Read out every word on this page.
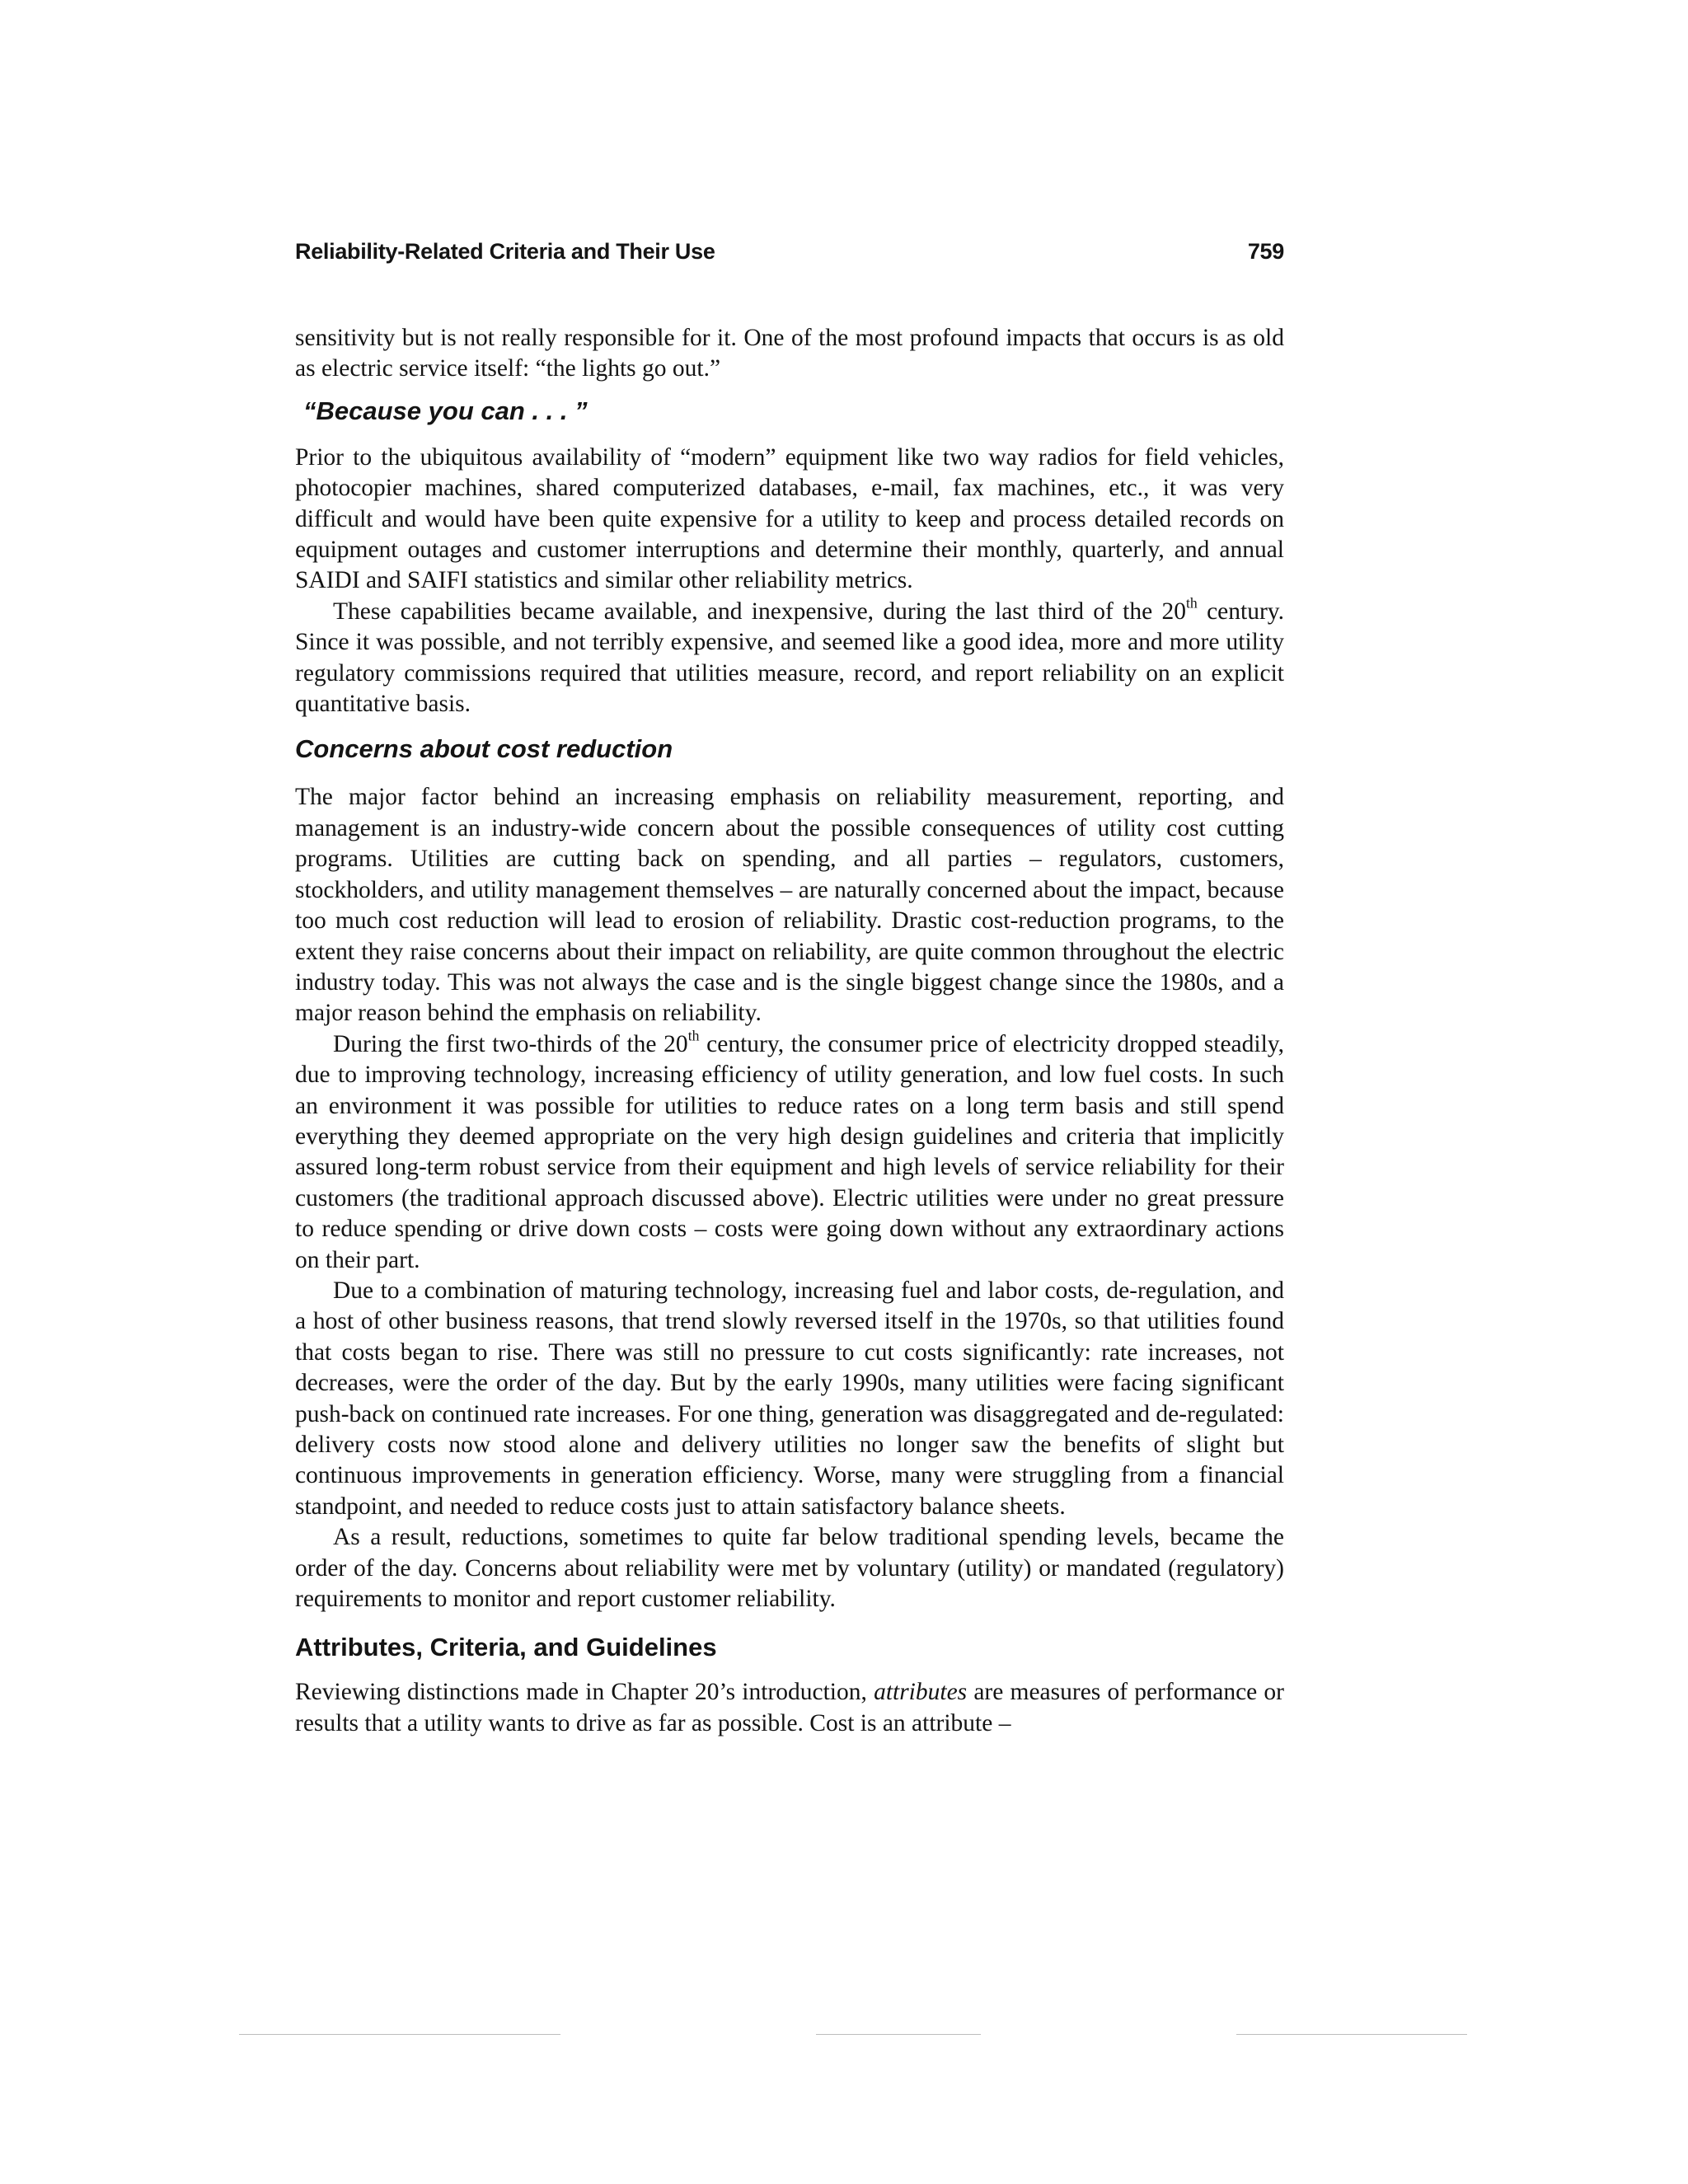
Reliability-Related Criteria and Their Use	759

sensitivity but is not really responsible for it. One of the most profound impacts that occurs is as old as electric service itself: “the lights go out.”

“Because you can . . . ”

Prior to the ubiquitous availability of “modern” equipment like two way radios for field vehicles, photocopier machines, shared computerized databases, e-mail, fax machines, etc., it was very difficult and would have been quite expensive for a utility to keep and process detailed records on equipment outages and customer interruptions and determine their monthly, quarterly, and annual SAIDI and SAIFI statistics and similar other reliability metrics.

These capabilities became available, and inexpensive, during the last third of the 20th century. Since it was possible, and not terribly expensive, and seemed like a good idea, more and more utility regulatory commissions required that utilities measure, record, and report reliability on an explicit quantitative basis.

Concerns about cost reduction

The major factor behind an increasing emphasis on reliability measurement, reporting, and management is an industry-wide concern about the possible consequences of utility cost cutting programs. Utilities are cutting back on spending, and all parties – regulators, customers, stockholders, and utility management themselves – are naturally concerned about the impact, because too much cost reduction will lead to erosion of reliability. Drastic cost-reduction programs, to the extent they raise concerns about their impact on reliability, are quite common throughout the electric industry today. This was not always the case and is the single biggest change since the 1980s, and a major reason behind the emphasis on reliability.

During the first two-thirds of the 20th century, the consumer price of electricity dropped steadily, due to improving technology, increasing efficiency of utility generation, and low fuel costs. In such an environment it was possible for utilities to reduce rates on a long term basis and still spend everything they deemed appropriate on the very high design guidelines and criteria that implicitly assured long-term robust service from their equipment and high levels of service reliability for their customers (the traditional approach discussed above). Electric utilities were under no great pressure to reduce spending or drive down costs – costs were going down without any extraordinary actions on their part.

Due to a combination of maturing technology, increasing fuel and labor costs, de-regulation, and a host of other business reasons, that trend slowly reversed itself in the 1970s, so that utilities found that costs began to rise. There was still no pressure to cut costs significantly: rate increases, not decreases, were the order of the day. But by the early 1990s, many utilities were facing significant push-back on continued rate increases. For one thing, generation was disaggregated and de-regulated: delivery costs now stood alone and delivery utilities no longer saw the benefits of slight but continuous improvements in generation efficiency. Worse, many were struggling from a financial standpoint, and needed to reduce costs just to attain satisfactory balance sheets.

As a result, reductions, sometimes to quite far below traditional spending levels, became the order of the day. Concerns about reliability were met by voluntary (utility) or mandated (regulatory) requirements to monitor and report customer reliability.

Attributes, Criteria, and Guidelines

Reviewing distinctions made in Chapter 20’s introduction, attributes are measures of performance or results that a utility wants to drive as far as possible. Cost is an attribute –
